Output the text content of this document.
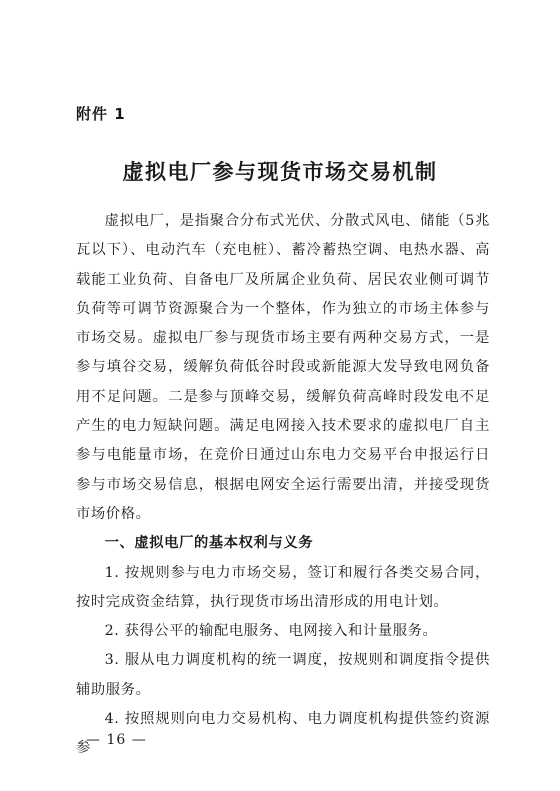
附件 1
虚拟电厂参与现货市场交易机制

虚拟电厂，是指聚合分布式光伏、分散式风电、储能（5兆瓦以下）、电动汽车（充电桩）、蓄冷蓄热空调、电热水器、高载能工业负荷、自备电厂及所属企业负荷、居民农业侧可调节负荷等可调节资源聚合为一个整体，作为独立的市场主体参与市场交易。虚拟电厂参与现货市场主要有两种交易方式，一是参与填谷交易，缓解负荷低谷时段或新能源大发导致电网负备用不足问题。二是参与顶峰交易，缓解负荷高峰时段发电不足产生的电力短缺问题。满足电网接入技术要求的虚拟电厂自主参与电能量市场，在竞价日通过山东电力交易平台申报运行日参与市场交易信息，根据电网安全运行需要出清，并接受现货市场价格。

一、虚拟电厂的基本权利与义务

1. 按规则参与电力市场交易，签订和履行各类交易合同，按时完成资金结算，执行现货市场出清形成的用电计划。

2. 获得公平的输配电服务、电网接入和计量服务。

3. 服从电力调度机构的统一调度，按规则和调度指令提供辅助服务。

4. 按照规则向电力交易机构、电力调度机构提供签约资源参

— 16 —
